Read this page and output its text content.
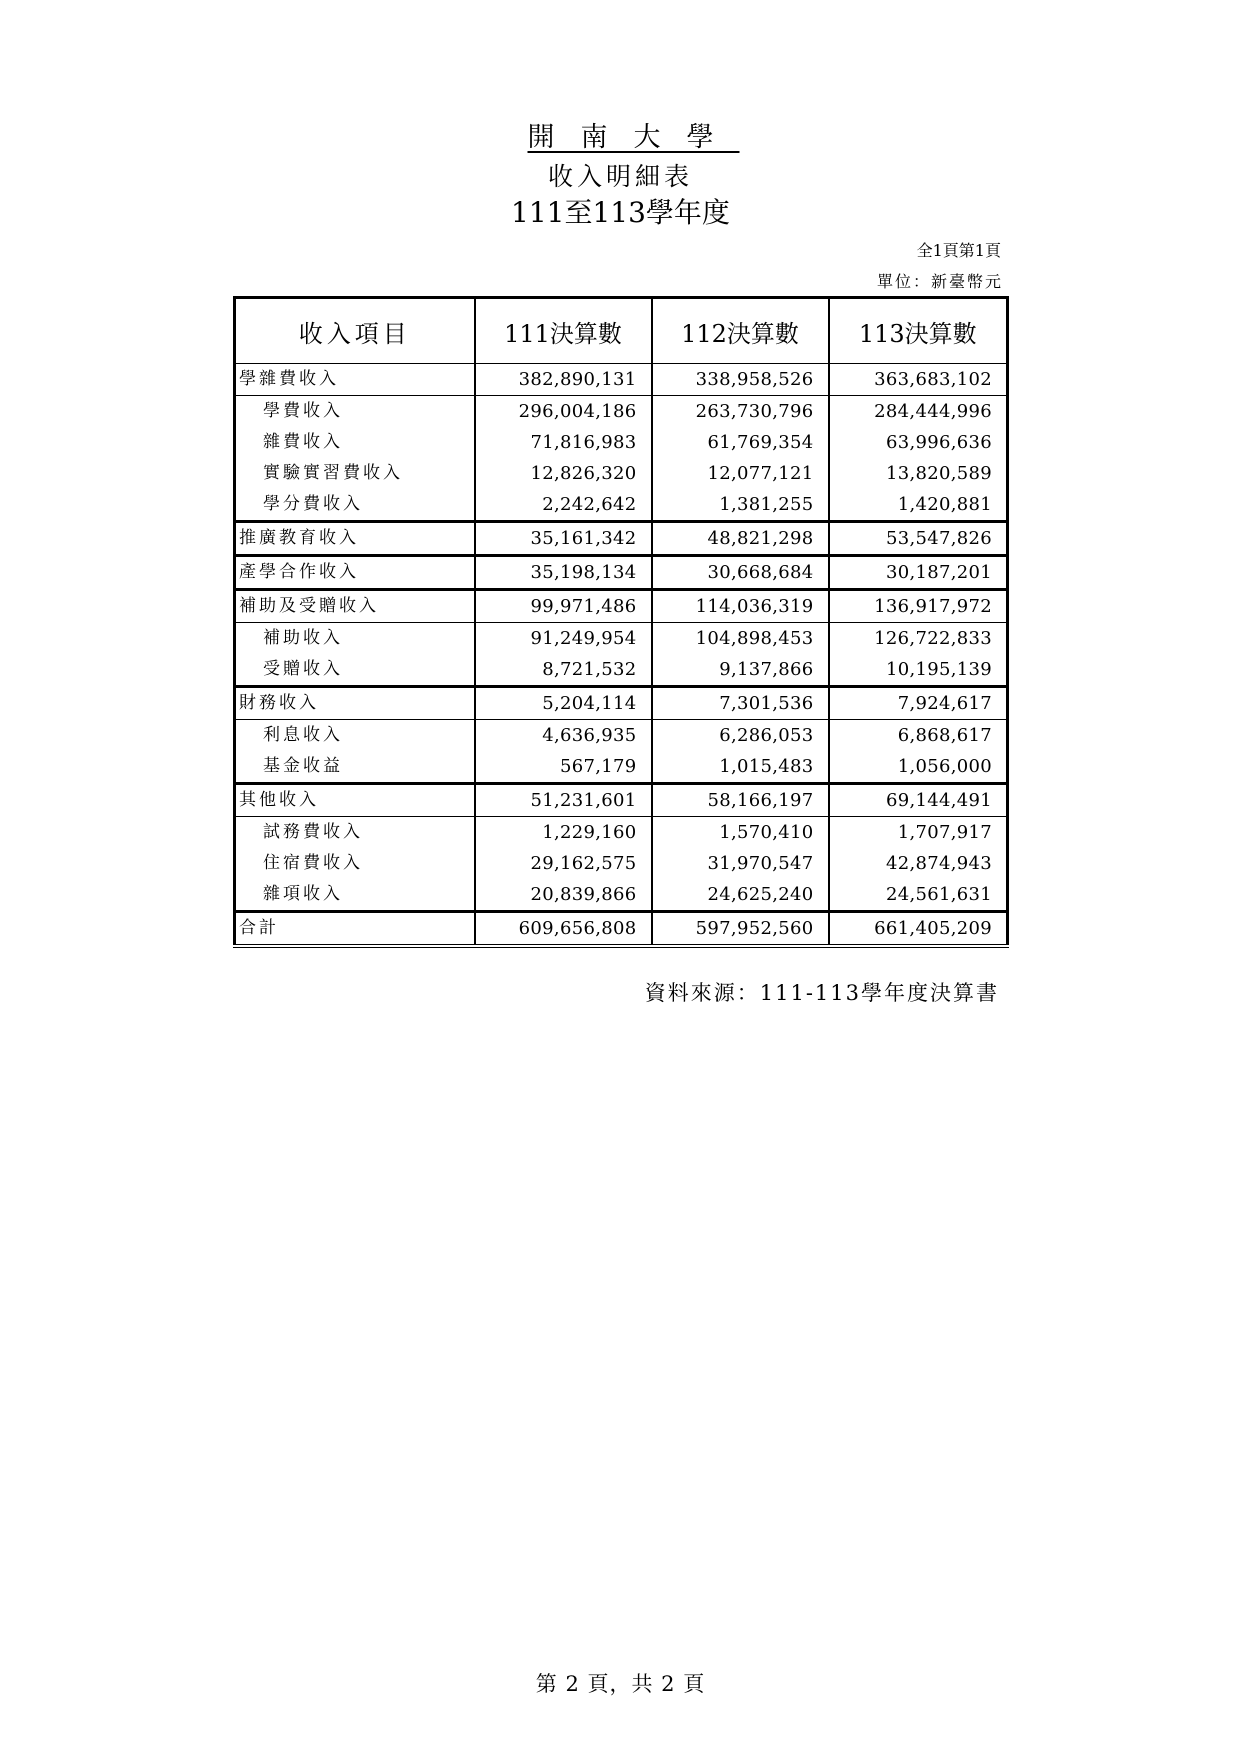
開南大學
收入明細表
111至113學年度
全1頁第1頁
單位：新臺幣元
收入項目	111決算數	112決算數	113決算數
學雜費收入	382,890,131	338,958,526	363,683,102
學費收入	296,004,186	263,730,796	284,444,996
雜費收入	71,816,983	61,769,354	63,996,636
實驗實習費收入	12,826,320	12,077,121	13,820,589
學分費收入	2,242,642	1,381,255	1,420,881
推廣教育收入	35,161,342	48,821,298	53,547,826
產學合作收入	35,198,134	30,668,684	30,187,201
補助及受贈收入	99,971,486	114,036,319	136,917,972
補助收入	91,249,954	104,898,453	126,722,833
受贈收入	8,721,532	9,137,866	10,195,139
財務收入	5,204,114	7,301,536	7,924,617
利息收入	4,636,935	6,286,053	6,868,617
基金收益	567,179	1,015,483	1,056,000
其他收入	51,231,601	58,166,197	69,144,491
試務費收入	1,229,160	1,570,410	1,707,917
住宿費收入	29,162,575	31,970,547	42,874,943
雜項收入	20,839,866	24,625,240	24,561,631
合計	609,656,808	597,952,560	661,405,209
資料來源：111-113學年度決算書
第 2 頁，共 2 頁
